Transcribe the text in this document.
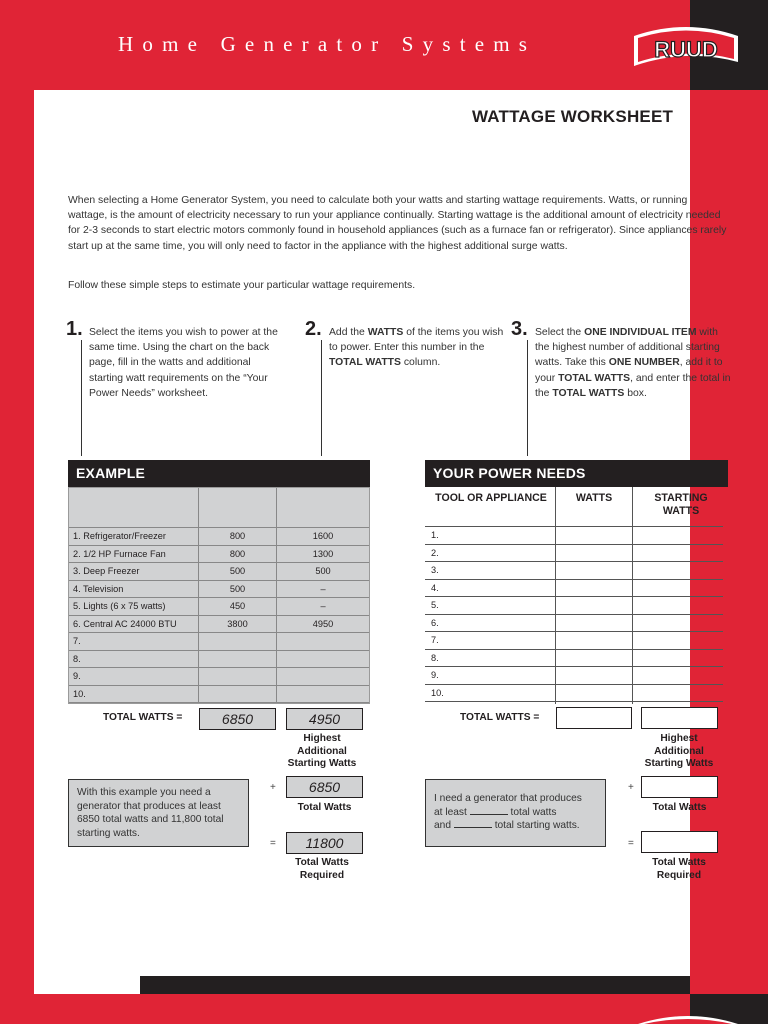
Home Generator Systems	RUUD
WATTAGE WORKSHEET

When selecting a Home Generator System, you need to calculate both your watts and starting wattage requirements. Watts, or running wattage, is the amount of electricity necessary to run your appliance continually. Starting wattage is the additional amount of electricity needed for 2-3 seconds to start electric motors commonly found in household appliances (such as a furnace fan or refrigerator). Since appliances rarely start up at the same time, you will only need to factor in the appliance with the highest additional surge watts.

Follow these simple steps to estimate your particular wattage requirements.

1. Select the items you wish to power at the same time. Using the chart on the back page, fill in the watts and additional starting watt requirements on the “Your Power Needs” worksheet.

2. Add the WATTS of the items you wish to power. Enter this number in the TOTAL WATTS column.

3. Select the ONE INDIVIDUAL ITEM with the highest number of additional starting watts. Take this ONE NUMBER, add it to your TOTAL WATTS, and enter the total in the TOTAL WATTS box.

EXAMPLE
1. Refrigerator/Freezer	800	1600
2. 1/2 HP Furnace Fan	800	1300
3. Deep Freezer	500	500
4. Television	500	–
5. Lights (6 x 75 watts)	450	–
6. Central AC 24000 BTU	3800	4950
7.
8.
9.
10.
TOTAL WATTS =	6850	4950
Highest Additional Starting Watts
With this example you need a generator that produces at least 6850 total watts and 11,800 total starting watts.
+	6850
Total Watts
=	11800
Total Watts Required
YOUR POWER NEEDS
TOOL OR APPLIANCE	WATTS	STARTING WATTS
TOTAL WATTS =
Highest Additional Starting Watts
I need a generator that produces
at least	total watts
and	total starting watts.
+
Total Watts
=
Total Watts Required
1.
2.
3.
4.
5.
6.
7.
8.
9.
10.
